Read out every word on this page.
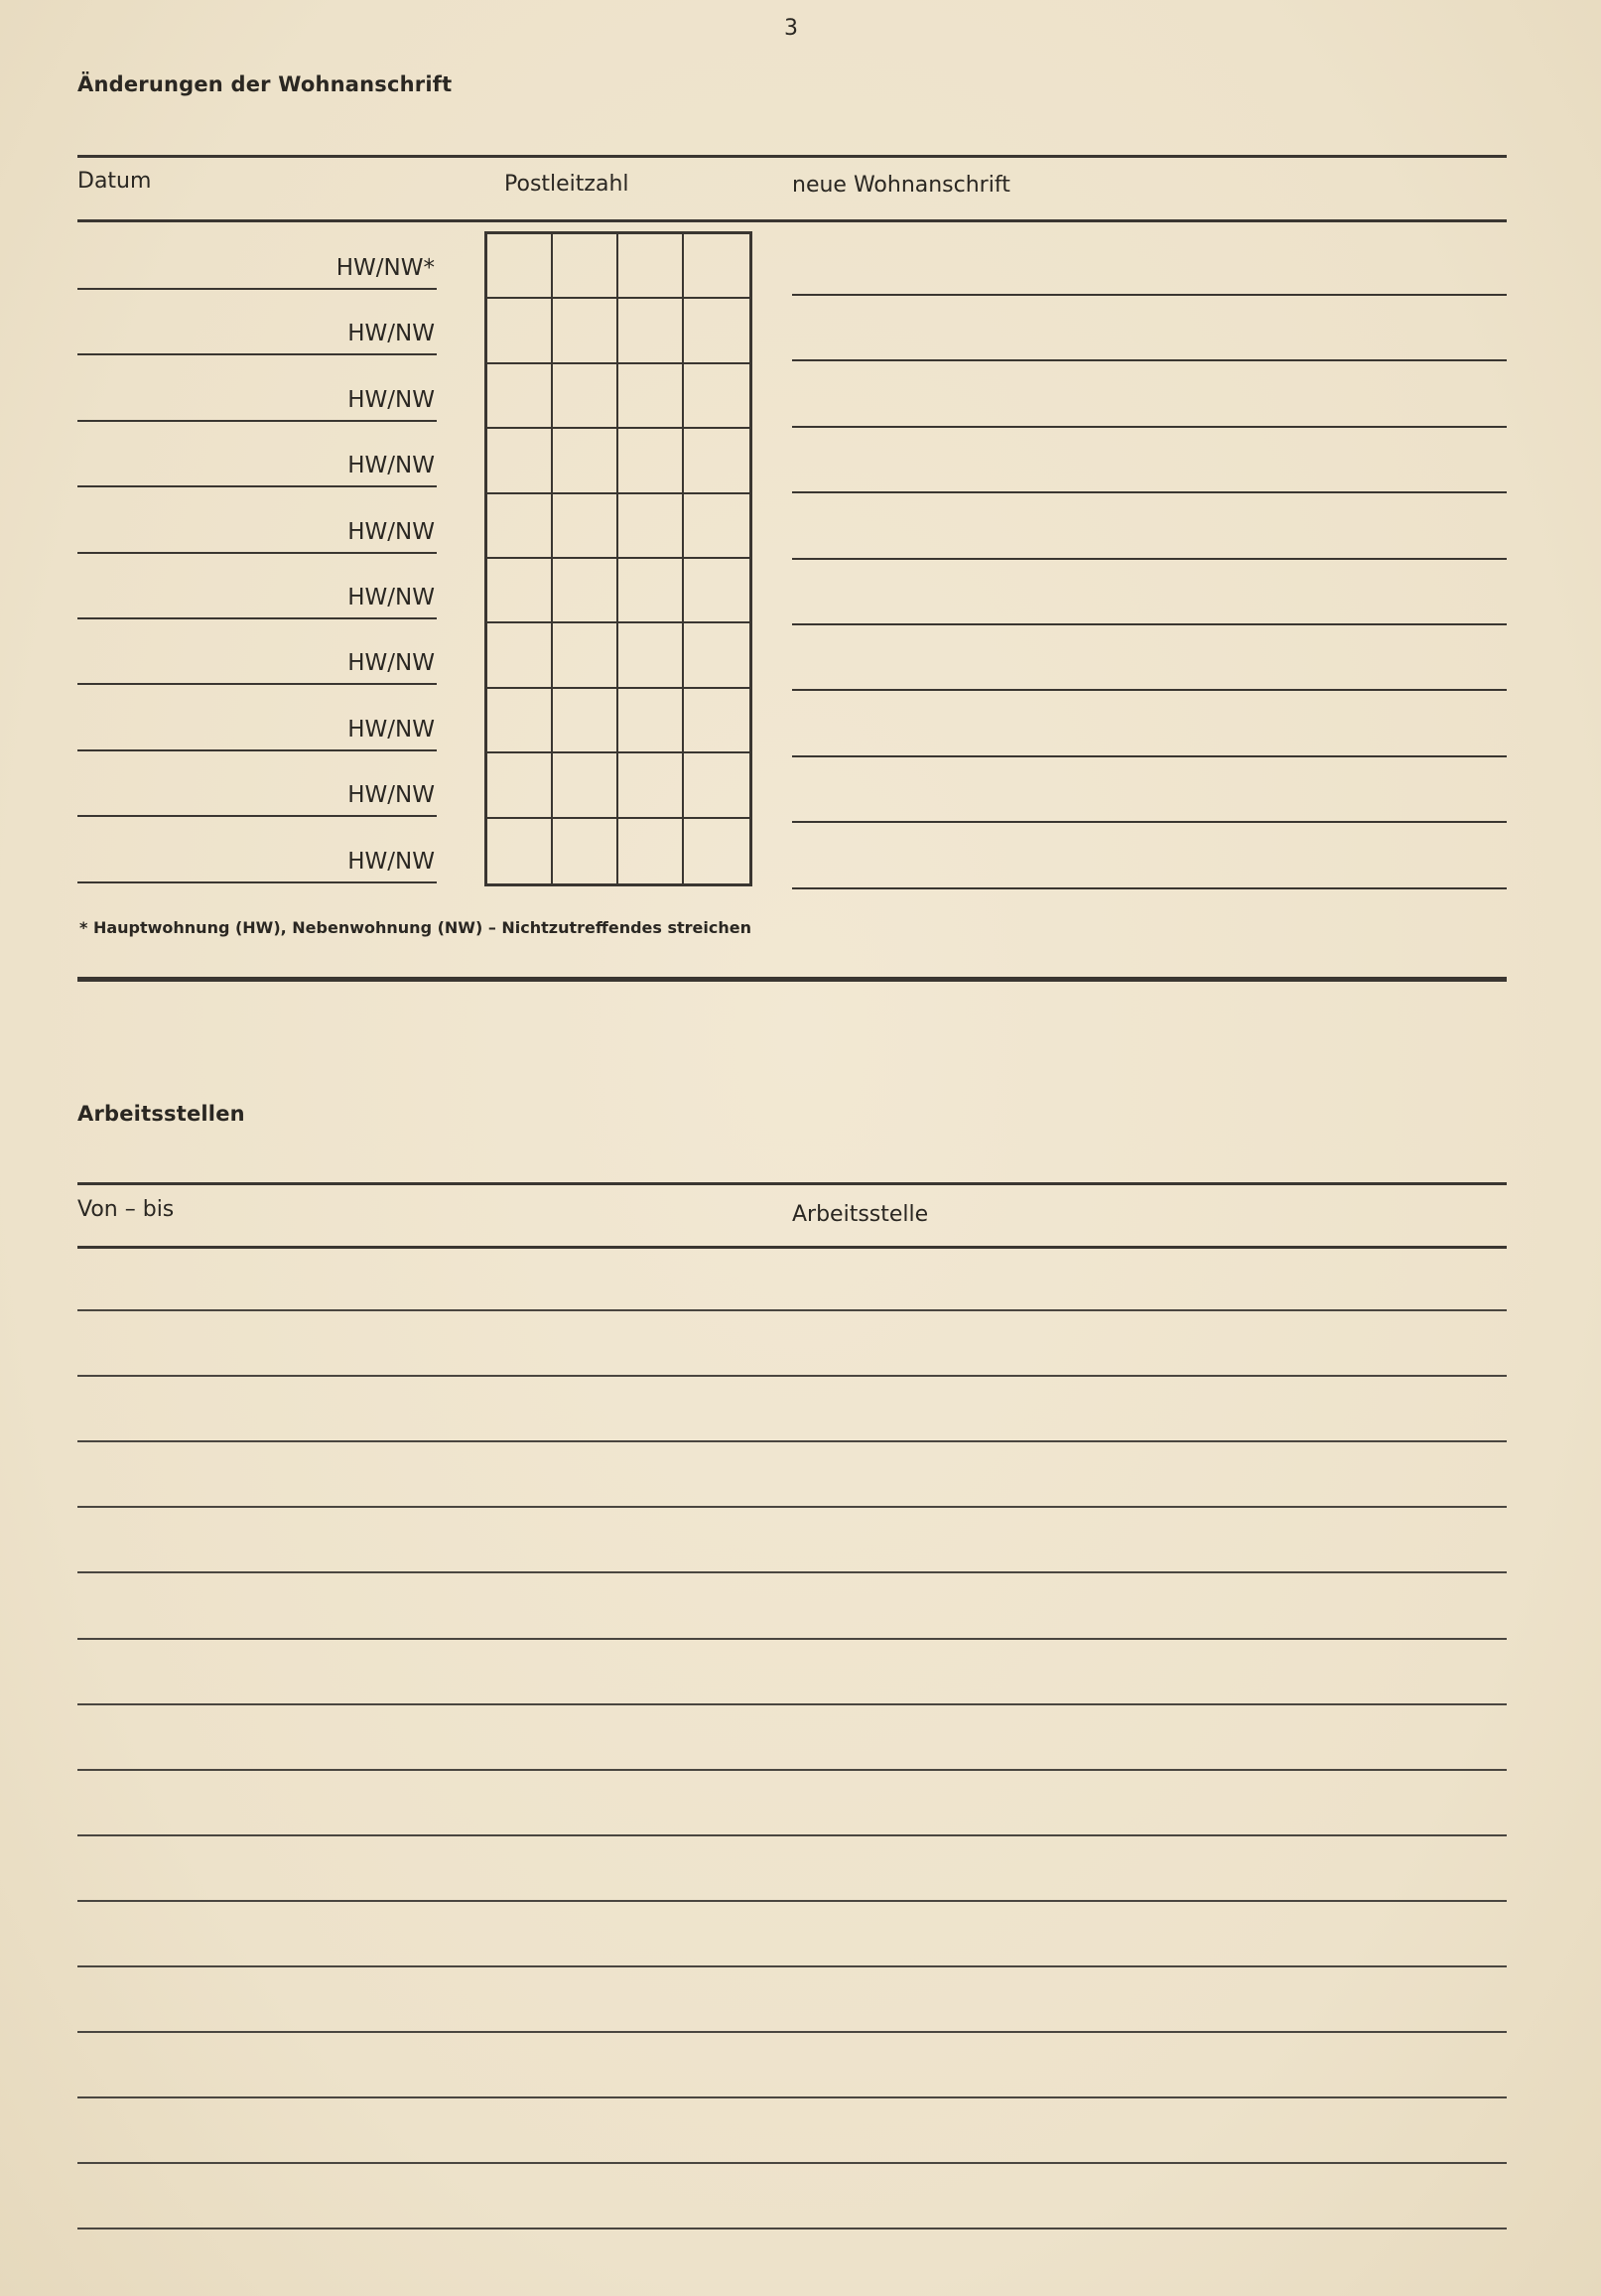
3
Änderungen der Wohnanschrift
Datum	Postleitzahl	neue Wohnanschrift
HW/NW*
HW/NW
HW/NW
HW/NW
HW/NW
HW/NW
HW/NW
HW/NW
HW/NW
HW/NW
* Hauptwohnung (HW), Nebenwohnung (NW) – Nichtzutreffendes streichen
Arbeitsstellen
Von – bis	Arbeitsstelle
